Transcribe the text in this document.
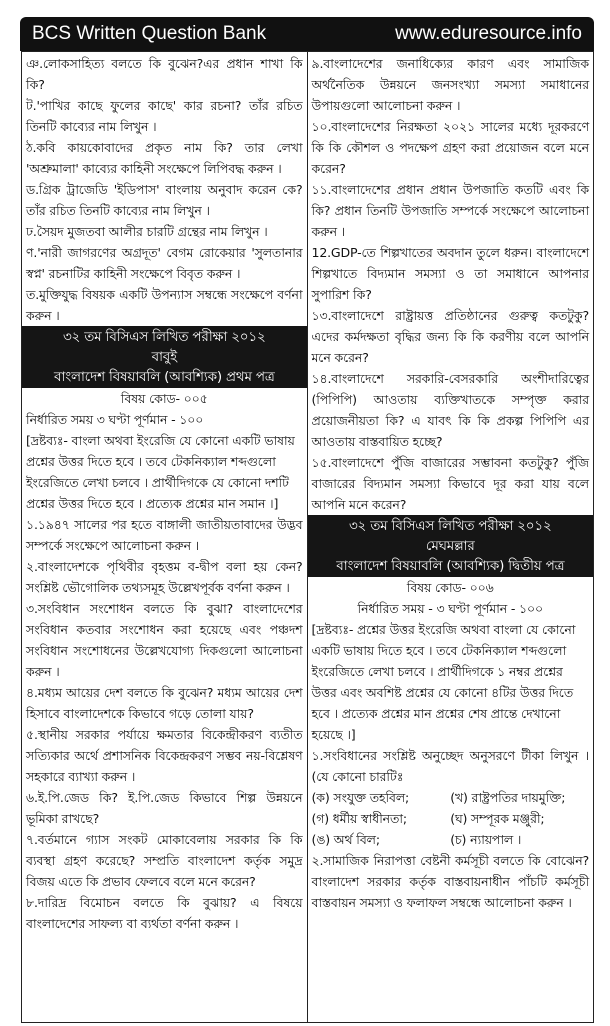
BCS Written Question Bank	www.eduresource.info
ঞ.লোকসাহিত্য বলতে কি বুঝেন?এর প্রধান শাখা কি কি?
ট.'পাখির কাছে ফুলের কাছে' কার রচনা? তাঁর রচিত তিনটি কাব্যের নাম লিখুন ।
ঠ.কবি কায়কোবাদের প্রকৃত নাম কি? তার লেখা 'অশ্রুমালা' কাব্যের কাহিনী সংক্ষেপে লিপিবদ্ধ করুন ।
ড.গ্রিক ট্রাজেডি 'ইডিপাস' বাংলায় অনুবাদ করেন কে? তাঁর রচিত তিনটি কাব্যের নাম লিখুন ।
ঢ.সৈয়দ মুজতবা আলীর চারটি গ্রন্থের নাম লিখুন ।
ণ.'নারী জাগরণের অগ্রদূত' বেগম রোকেয়ার 'সুলতানার স্বপ্ন' রচনাটির কাহিনী সংক্ষেপে বিবৃত করুন ।
ত.মুক্তিযুদ্ধ বিষয়ক একটি উপন্যাস সম্বন্ধে সংক্ষেপে বর্ণনা করুন ।
৩২ তম বিসিএস লিখিত পরীক্ষা ২০১২
বাবুই
বাংলাদেশ বিষয়াবলি (আবশ্যিক) প্রথম পত্র
বিষয় কোড- ০০৫
নির্ধারিত সময় ৩ ঘণ্টা পূর্ণমান - ১০০
[দ্রষ্টব্যঃ- বাংলা অথবা ইংরেজি যে কোনো একটি ভাষায় প্রশ্নের উত্তর দিতে হবে । তবে টেকনিক্যাল শব্দগুলো ইংরেজিতে লেখা চলবে । প্রার্থীদিগকে যে কোনো দশটি প্রশ্নের উত্তর দিতে হবে । প্রত্যেক প্রশ্নের মান সমান ।]
১.১৯৪৭ সালের পর হতে বাঙ্গালী জাতীয়তাবাদের উদ্ভব সম্পর্কে সংক্ষেপে আলোচনা করুন ।
২.বাংলাদেশকে পৃথিবীর বৃহত্তম ব-দ্বীপ বলা হয় কেন? সংশ্লিষ্ট ভৌগোলিক তথ্যসমূহ উল্লেখপূর্বক বর্ণনা করুন ।
৩.সংবিধান সংশোধন বলতে কি বুঝা? বাংলাদেশের সংবিধান কতবার সংশোধন করা হয়েছে এবং পঞ্চদশ সংবিধান সংশোধনের উল্লেখযোগ্য দিকগুলো আলোচনা করুন ।
৪.মধ্যম আয়ের দেশ বলতে কি বুঝেন? মধ্যম আয়ের দেশ হিসাবে বাংলাদেশকে কিভাবে গড়ে তোলা যায়?
৫.স্থানীয় সরকার পর্যায়ে ক্ষমতার বিকেন্দ্রীকরণ ব্যতীত সত্যিকার অর্থে প্রশাসনিক বিকেন্দ্রকরণ সম্ভব নয়-বিশ্লেষণ সহকারে ব্যাখ্যা করুন ।
৬.ই.পি.জেড কি? ই.পি.জেড কিভাবে শিল্প উন্নয়নে ভূমিকা রাখছে?
৭.বর্তমানে গ্যাস সংকট মোকাবেলায় সরকার কি কি ব্যবস্থা গ্রহণ করেছে? সম্প্রতি বাংলাদেশ কর্তৃক সমুদ্র বিজয় এতে কি প্রভাব ফেলবে বলে মনে করেন?
৮.দারিদ্র বিমোচন বলতে কি বুঝায়? এ বিষয়ে বাংলাদেশের সাফল্য বা ব্যর্থতা বর্ণনা করুন ।
৯.বাংলাদেশের জনাধিক্যের কারণ এবং সামাজিক অর্থনৈতিক উন্নয়নে জনসংখ্যা সমস্যা সমাধানের উপায়গুলো আলোচনা করুন ।
১০.বাংলাদেশের নিরক্ষতা ২০২১ সালের মধ্যে দূরকরণে কি কি কৌশল ও পদক্ষেপ গ্রহণ করা প্রয়োজন বলে মনে করেন?
১১.বাংলাদেশের প্রধান প্রধান উপজাতি কতটি এবং কি কি? প্রধান তিনটি উপজাতি সম্পর্কে সংক্ষেপে আলোচনা করুন ।
12.GDP-তে শিল্পখাতের অবদান তুলে ধরুন। বাংলাদেশে শিল্পখাতে বিদ্যমান সমস্যা ও তা সমাধানে আপনার সুপারিশ কি?
১৩.বাংলাদেশে রাষ্ট্রায়ত্ত প্রতিষ্ঠানের গুরুত্ব কতটুকু? এদের কর্মদক্ষতা বৃদ্ধির জন্য কি কি করণীয় বলে আপনি মনে করেন?
১৪.বাংলাদেশে সরকারি-বেসরকারি অংশীদারিত্বের (পিপিপি) আওতায় ব্যক্তিখাতকে সম্পৃক্ত করার প্রয়োজনীয়তা কি? এ যাবৎ কি কি প্রকল্প পিপিপি এর আওতায় বাস্তবায়িত হচ্ছে?
১৫.বাংলাদেশে পুঁজি বাজারের সম্ভাবনা কতটুকু? পুঁজি বাজারের বিদ্যমান সমস্যা কিভাবে দূর করা যায় বলে আপনি মনে করেন?
৩২ তম বিসিএস লিখিত পরীক্ষা ২০১২
মেঘমল্লার
বাংলাদেশ বিষয়াবলি (আবশ্যিক) দ্বিতীয় পত্র
বিষয় কোড- ০০৬
নির্ধারিত সময় - ৩ ঘণ্টা পূর্ণমান - ১০০
[দ্রষ্টব্যঃ- প্রশ্নের উত্তর ইংরেজি অথবা বাংলা যে কোনো একটি ভাষায় দিতে হবে । তবে টেকনিক্যাল শব্দগুলো ইংরেজিতে লেখা চলবে । প্রার্থীদিগকে ১ নম্বর প্রশ্নের উত্তর এবং অবশিষ্ট প্রশ্নের যে কোনো ৪টির উত্তর দিতে হবে । প্রত্যেক প্রশ্নের মান প্রশ্নের শেষ প্রান্তে দেখানো হয়েছে ।]
১.সংবিধানের সংশ্লিষ্ট অনুচ্ছেদ অনুসরণে টীকা লিখুন । (যে কোনো চারটিঃ
(ক) সংযুক্ত তহবিল;	(খ) রাষ্ট্রপতির দায়মুক্তি;
(গ) ধর্মীয় স্বাধীনতা;	(ঘ) সম্পূরক মঞ্জুরী;
(ঙ) অর্থ বিল;	(চ) ন্যায়পাল ।
২.সামাজিক নিরাপত্তা বেষ্টনী কর্মসূচী বলতে কি বোঝেন? বাংলাদেশ সরকার কর্তৃক বাস্তবায়নাধীন পাঁচটি কর্মসূচী বাস্তবায়ন সমস্যা ও ফলাফল সম্বন্ধে আলোচনা করুন ।
